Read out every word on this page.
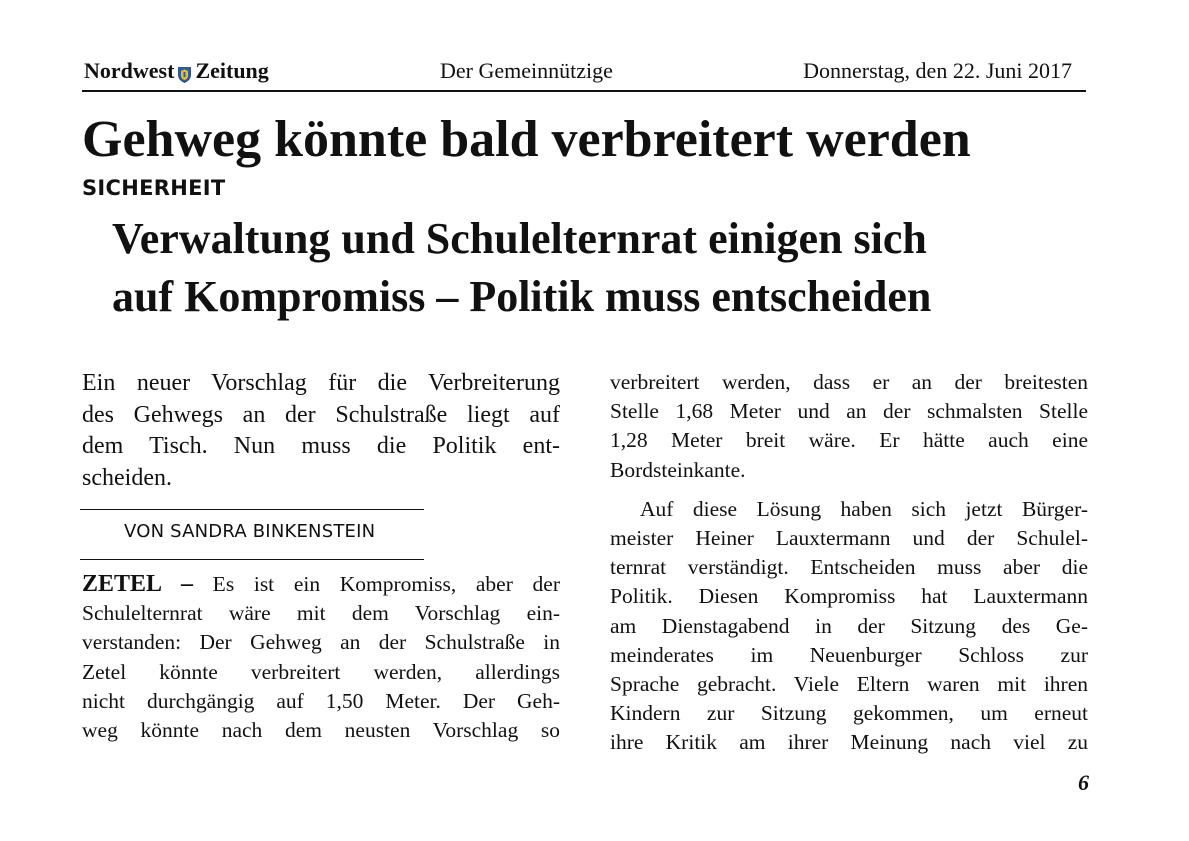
Nordwest Zeitung	Der Gemeinnützige	Donnerstag, den 22. Juni 2017
Gehweg könnte bald verbreitert werden
SICHERHEIT
Verwaltung und Schulelternrat einigen sich
auf Kompromiss – Politik muss entscheiden
Ein neuer Vorschlag für die Verbreiterung
des Gehwegs an der Schulstraße liegt auf
dem Tisch. Nun muss die Politik ent-
scheiden.
VON SANDRA BINKENSTEIN
ZETEL – Es ist ein Kompromiss, aber der
Schulelternrat wäre mit dem Vorschlag ein-
verstanden: Der Gehweg an der Schulstraße in
Zetel könnte verbreitert werden, allerdings
nicht durchgängig auf 1,50 Meter. Der Geh-
weg könnte nach dem neusten Vorschlag so
verbreitert werden, dass er an der breitesten
Stelle 1,68 Meter und an der schmalsten Stelle
1,28 Meter breit wäre. Er hätte auch eine
Bordsteinkante.
Auf diese Lösung haben sich jetzt Bürger-
meister Heiner Lauxtermann und der Schulel-
ternrat verständigt. Entscheiden muss aber die
Politik. Diesen Kompromiss hat Lauxtermann
am Dienstagabend in der Sitzung des Ge-
meinderates im Neuenburger Schloss zur
Sprache gebracht. Viele Eltern waren mit ihren
Kindern zur Sitzung gekommen, um erneut
ihre Kritik am ihrer Meinung nach viel zu
6
